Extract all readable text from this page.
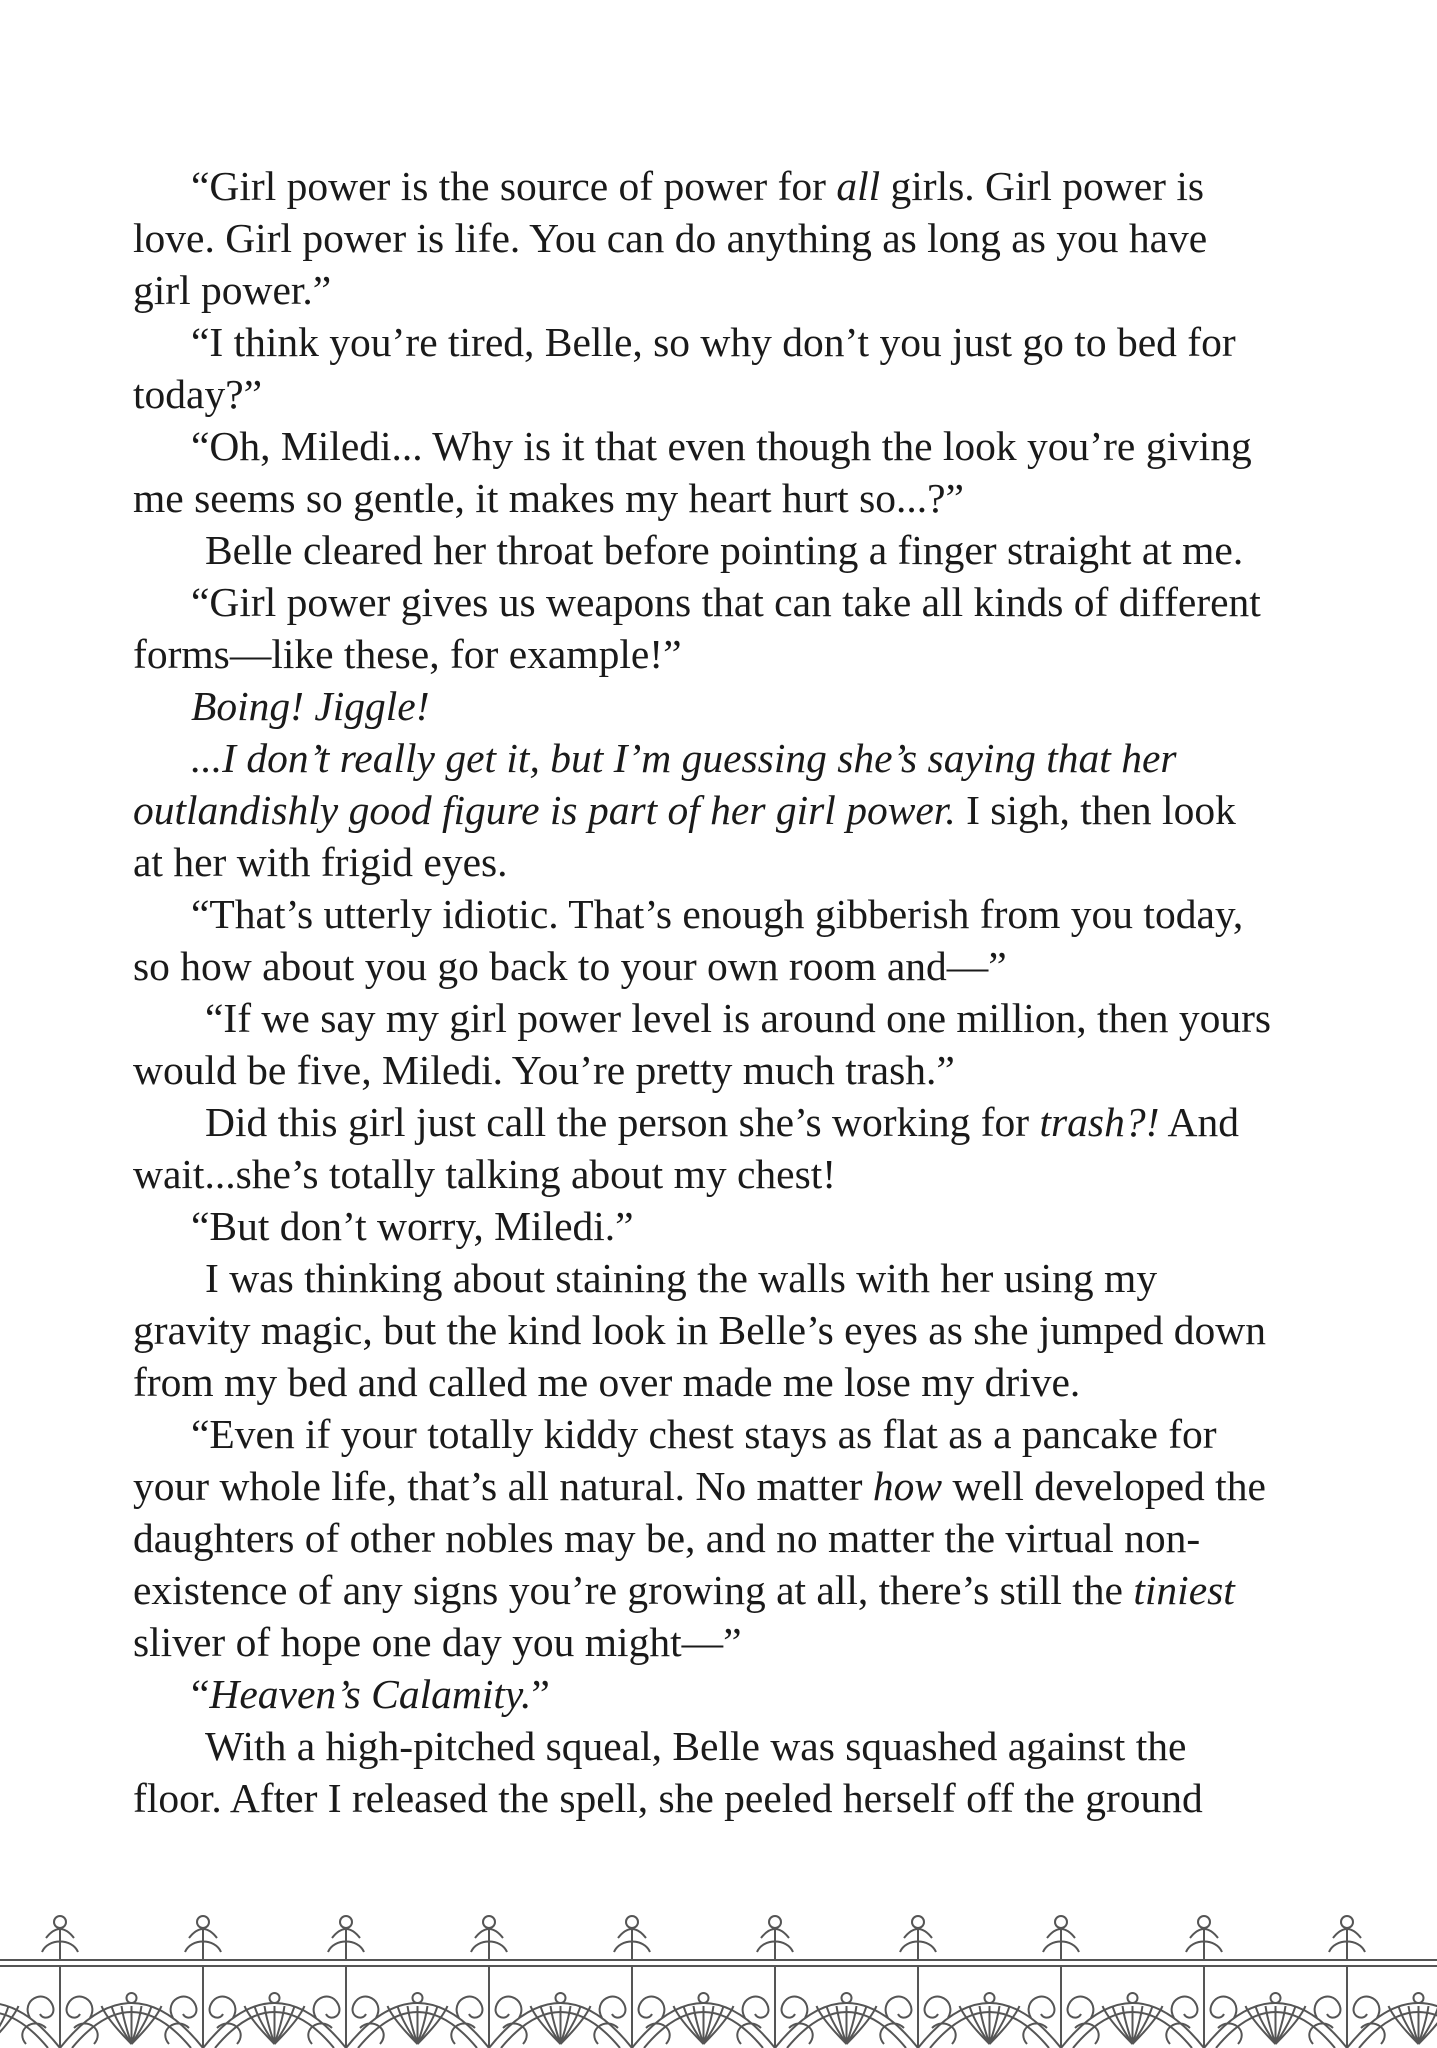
“Girl power is the source of power for all girls. Girl power is love. Girl power is life. You can do anything as long as you have girl power.”

“I think you’re tired, Belle, so why don’t you just go to bed for today?”

“Oh, Miledi... Why is it that even though the look you’re giving me seems so gentle, it makes my heart hurt so...?”

Belle cleared her throat before pointing a finger straight at me.

“Girl power gives us weapons that can take all kinds of different forms—like these, for example!”

Boing! Jiggle!

...I don’t really get it, but I’m guessing she’s saying that her outlandishly good figure is part of her girl power. I sigh, then look at her with frigid eyes.

“That’s utterly idiotic. That’s enough gibberish from you today, so how about you go back to your own room and—”

“If we say my girl power level is around one million, then yours would be five, Miledi. You’re pretty much trash.”

Did this girl just call the person she’s working for trash?! And wait...she’s totally talking about my chest!

“But don’t worry, Miledi.”

I was thinking about staining the walls with her using my gravity magic, but the kind look in Belle’s eyes as she jumped down from my bed and called me over made me lose my drive.

“Even if your totally kiddy chest stays as flat as a pancake for your whole life, that’s all natural. No matter how well developed the daughters of other nobles may be, and no matter the virtual non-existence of any signs you’re growing at all, there’s still the tiniest sliver of hope one day you might—”

“Heaven’s Calamity.”

With a high-pitched squeal, Belle was squashed against the floor. After I released the spell, she peeled herself off the ground
